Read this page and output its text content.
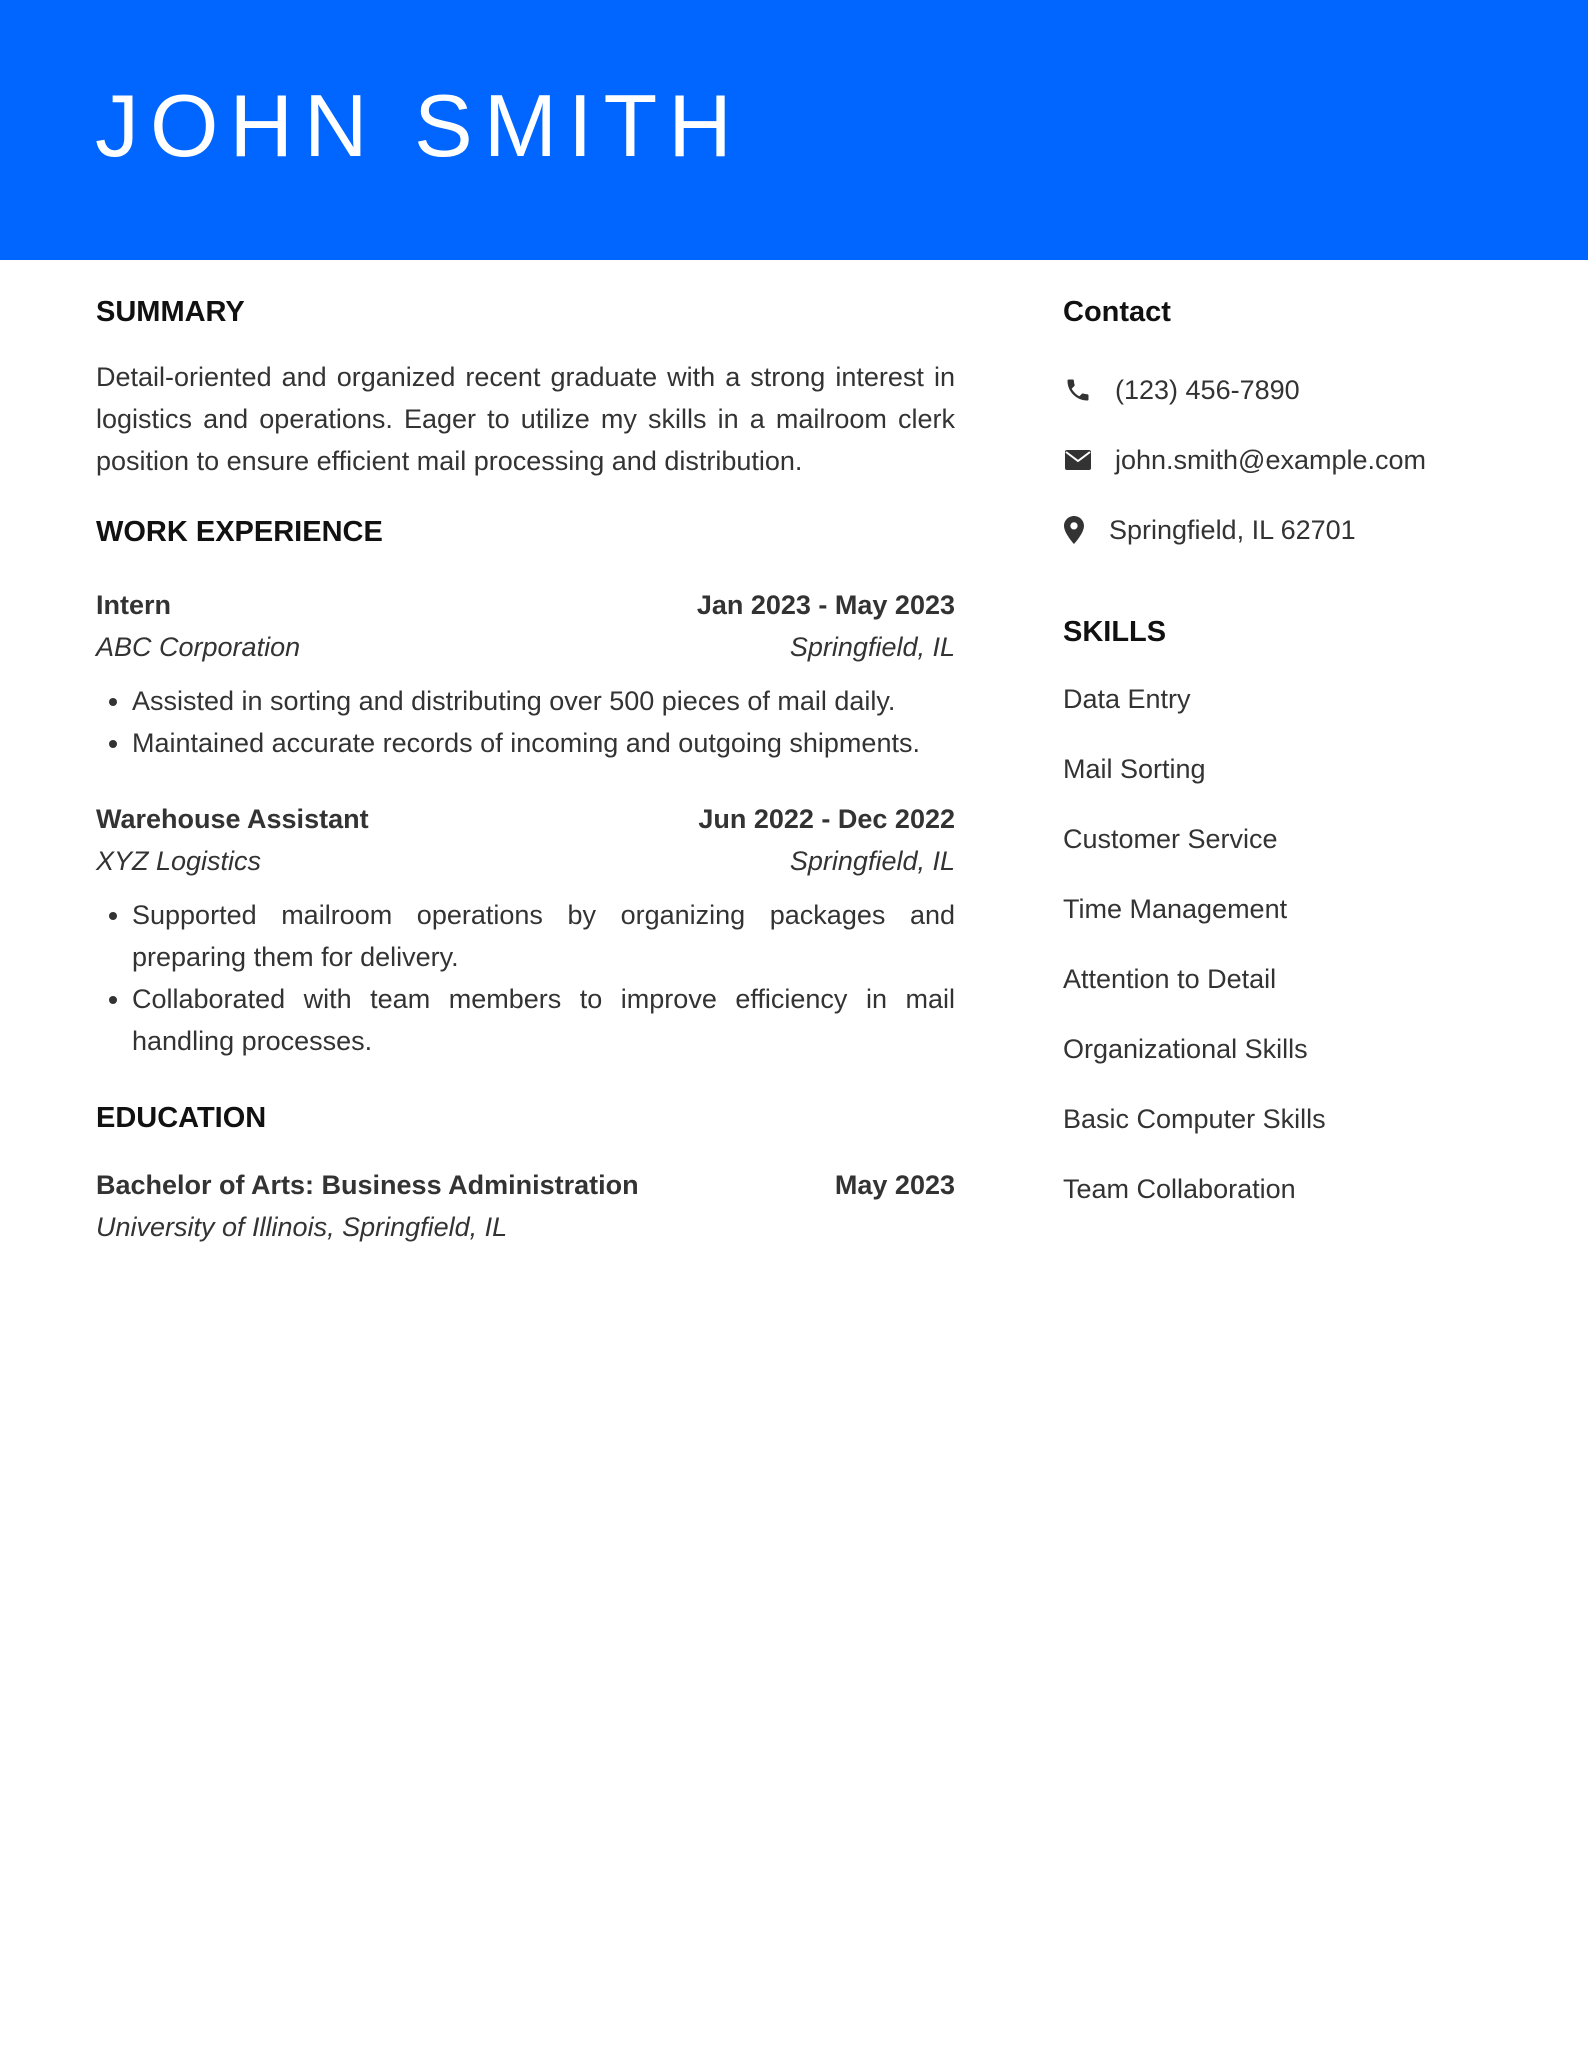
JOHN SMITH
SUMMARY

Detail-oriented and organized recent graduate with a strong interest in logistics and operations. Eager to utilize my skills in a mailroom clerk position to ensure efficient mail processing and distribution.

WORK EXPERIENCE
Intern	Jan 2023 - May 2023
ABC Corporation	Springfield, IL
• Assisted in sorting and distributing over 500 pieces of mail daily.
• Maintained accurate records of incoming and outgoing shipments.
Warehouse Assistant	Jun 2022 - Dec 2022
XYZ Logistics	Springfield, IL
• Supported mailroom operations by organizing packages and preparing them for delivery.
• Collaborated with team members to improve efficiency in mail handling processes.
EDUCATION
Bachelor of Arts: Business Administration	May 2023
University of Illinois, Springfield, IL
Contact
(123) 456-7890
john.smith@example.com
Springfield, IL 62701
SKILLS
Data Entry
Mail Sorting
Customer Service
Time Management
Attention to Detail
Organizational Skills
Basic Computer Skills
Team Collaboration
